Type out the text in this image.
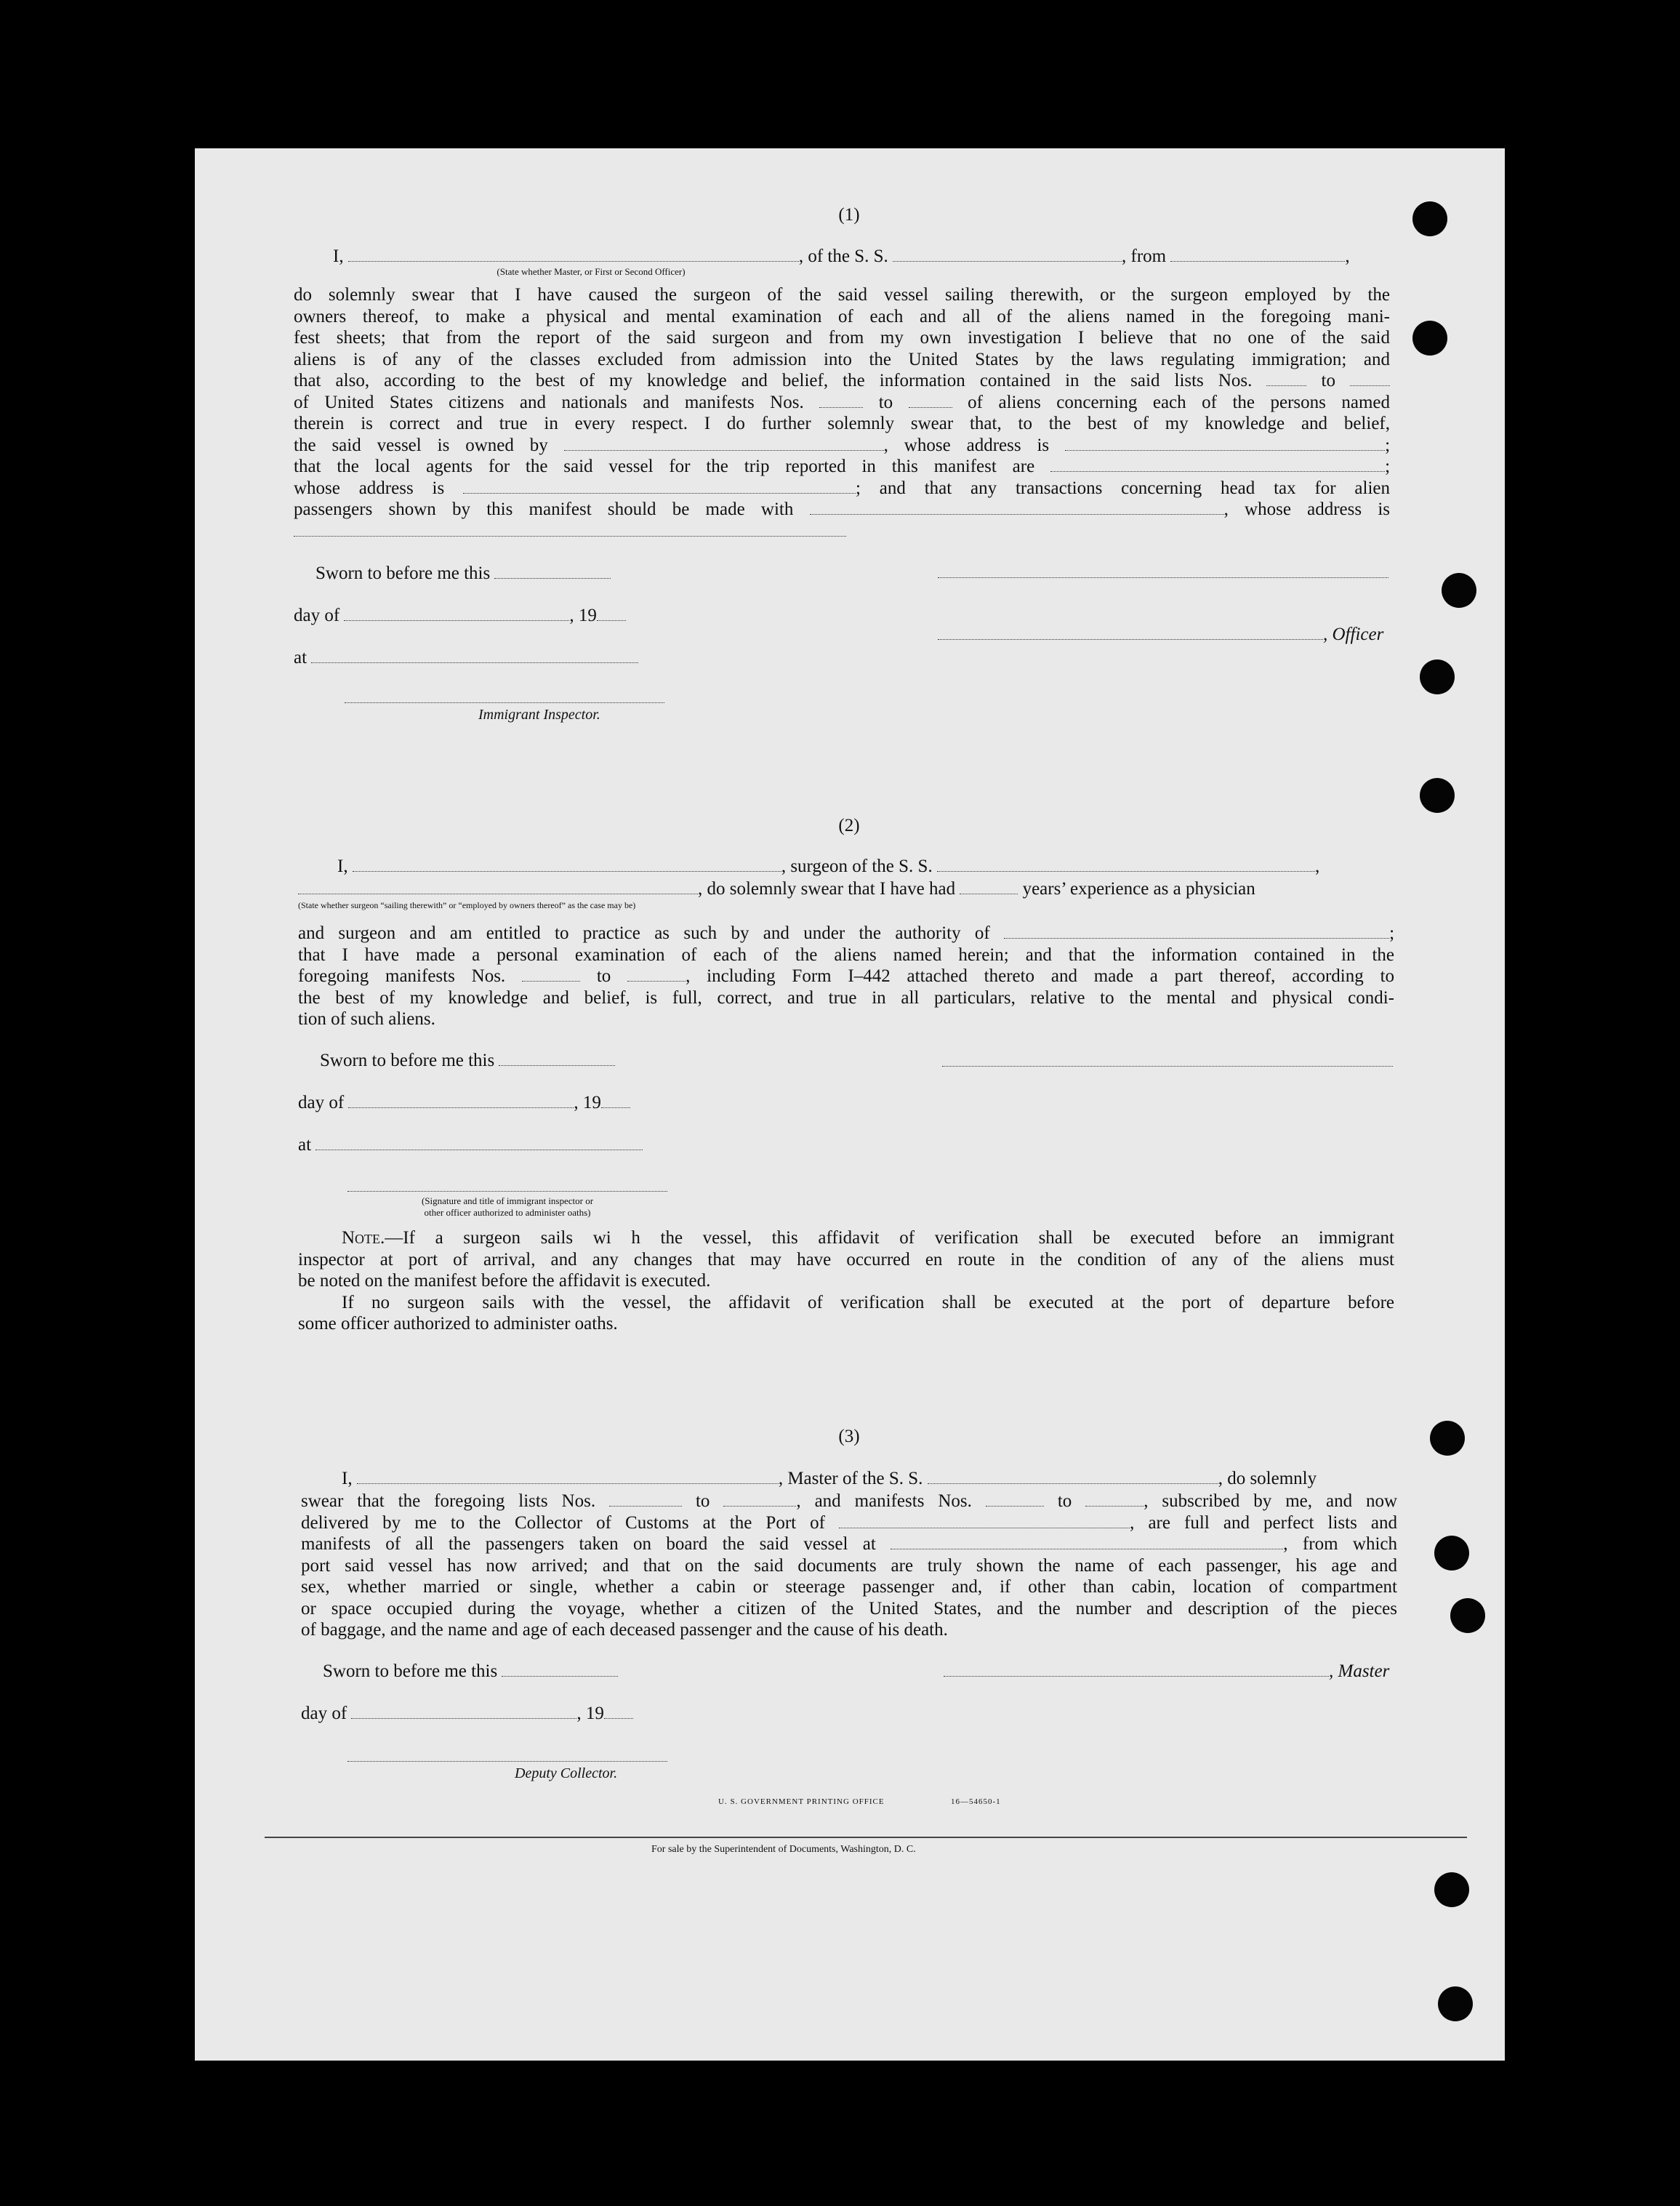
(1)
I,	, of the S. S.	, from	,
(State whether Master, or First or Second Officer)
do solemnly swear that I have caused the surgeon of the said vessel sailing therewith, or the surgeon employed by the
owners thereof, to make a physical and mental examination of each and all of the aliens named in the foregoing mani-
fest sheets; that from the report of the said surgeon and from my own investigation I believe that no one of the said
aliens is of any of the classes excluded from admission into the United States by the laws regulating immigration; and
that also, according to the best of my knowledge and belief, the information contained in the said lists Nos.	to
of United States citizens and nationals and manifests Nos.	to	of aliens concerning each of the persons named
therein is correct and true in every respect. I do further solemnly swear that, to the best of my knowledge and belief,
the said vessel is owned by	, whose address is	;
that the local agents for the said vessel for the trip reported in this manifest are	;
whose address is	; and that any transactions concerning head tax for alien
passengers shown by this manifest should be made with	, whose address is
Sworn to before me this
day of	, 19
, Officer
at
Immigrant Inspector.
(2)
I,	, surgeon of the S. S.	,
, do solemnly swear that I have had	years’ experience as a physician
(State whether surgeon “sailing therewith” or “employed by owners thereof” as the case may be)
and surgeon and am entitled to practice as such by and under the authority of	;
that I have made a personal examination of each of the aliens named herein; and that the information contained in the
foregoing manifests Nos.	to	, including Form I–442 attached thereto and made a part thereof, according to
the best of my knowledge and belief, is full, correct, and true in all particulars, relative to the mental and physical condi-
tion of such aliens.
Sworn to before me this
day of	, 19
at
(Signature and title of immigrant inspector or
other officer authorized to administer oaths)
Note.—If a surgeon sails wi h the vessel, this affidavit of verification shall be executed before an immigrant
inspector at port of arrival, and any changes that may have occurred en route in the condition of any of the aliens must
be noted on the manifest before the affidavit is executed.
If no surgeon sails with the vessel, the affidavit of verification shall be executed at the port of departure before
some officer authorized to administer oaths.
(3)
I,	, Master of the S. S.	, do solemnly
swear that the foregoing lists Nos.	to	, and manifests Nos.	to	, subscribed by me, and now
delivered by me to the Collector of Customs at the Port of	, are full and perfect lists and
manifests of all the passengers taken on board the said vessel at	, from which
port said vessel has now arrived; and that on the said documents are truly shown the name of each passenger, his age and
sex, whether married or single, whether a cabin or steerage passenger and, if other than cabin, location of compartment
or space occupied during the voyage, whether a citizen of the United States, and the number and description of the pieces
of baggage, and the name and age of each deceased passenger and the cause of his death.
Sworn to before me this	, Master
day of	, 19
Deputy Collector.
U. S. GOVERNMENT PRINTING OFFICE	16—54650-1
For sale by the Superintendent of Documents, Washington, D. C.
